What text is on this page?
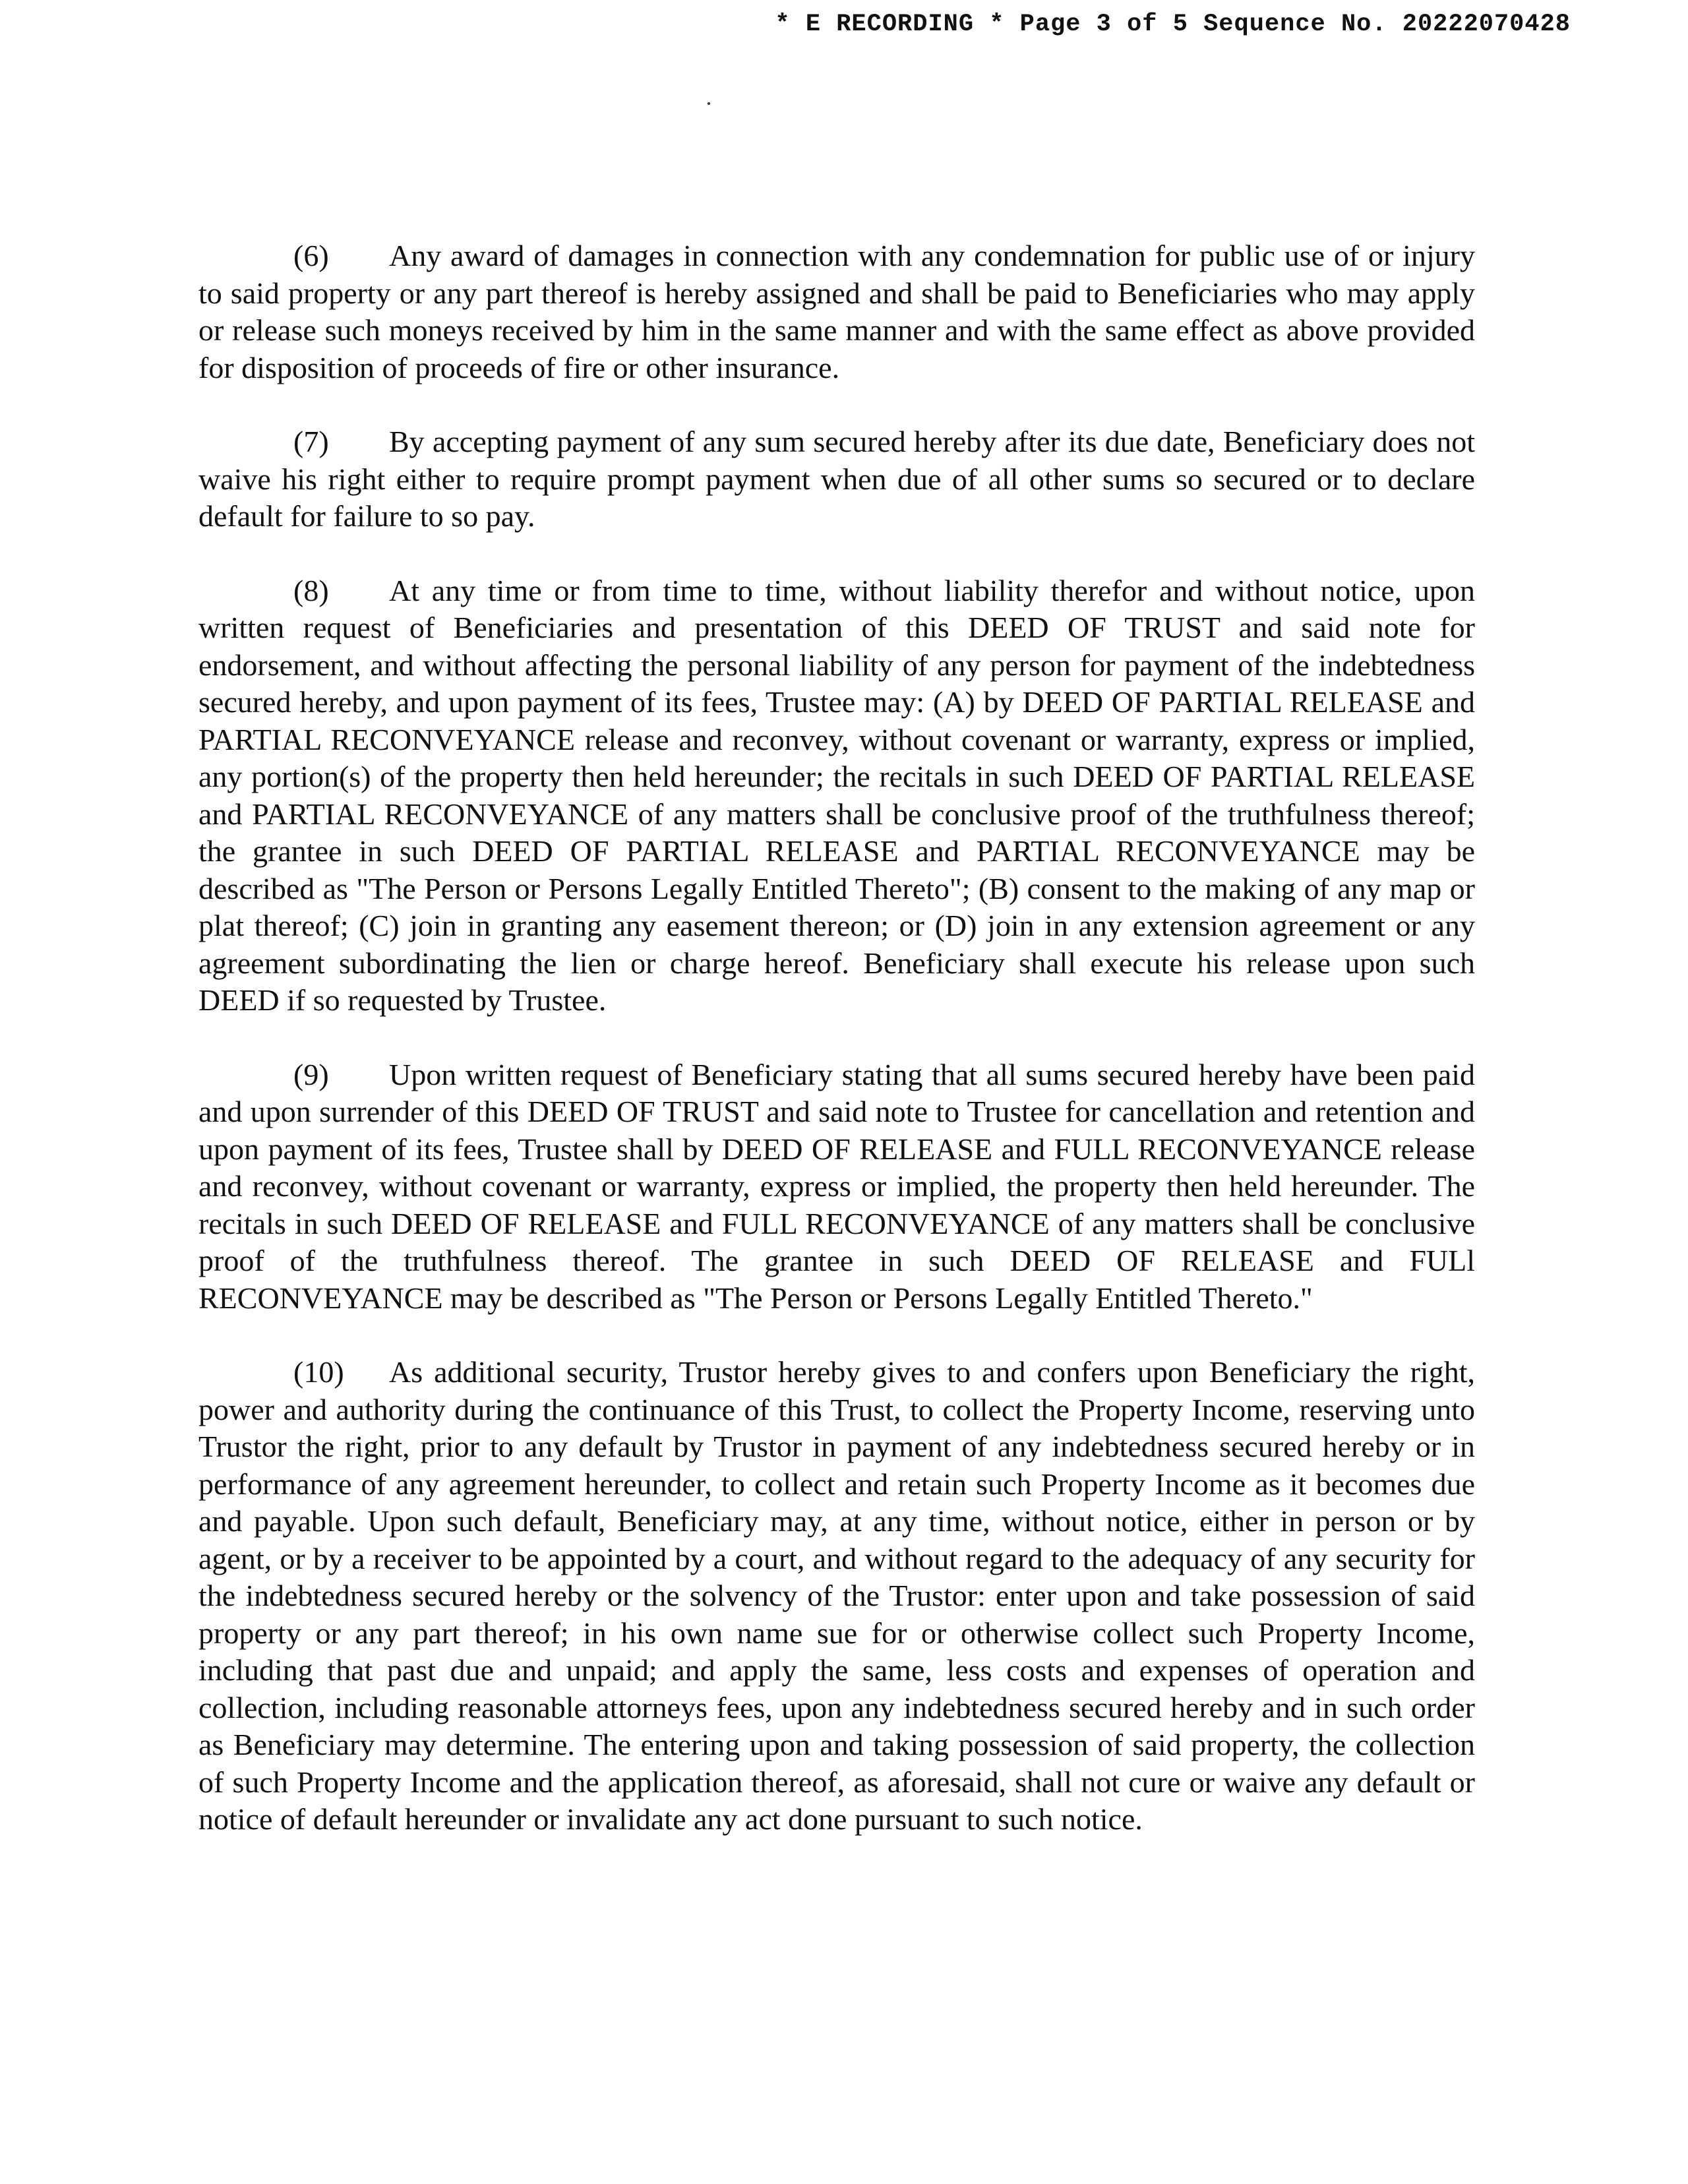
* E RECORDING * Page 3 of 5 Sequence No. 20222070428

(6) Any award of damages in connection with any condemnation for public use of or injury to said property or any part thereof is hereby assigned and shall be paid to Beneficiaries who may apply or release such moneys received by him in the same manner and with the same effect as above provided for disposition of proceeds of fire or other insurance.

(7) By accepting payment of any sum secured hereby after its due date, Beneficiary does not waive his right either to require prompt payment when due of all other sums so secured or to declare default for failure to so pay.

(8) At any time or from time to time, without liability therefor and without notice, upon written request of Beneficiaries and presentation of this DEED OF TRUST and said note for endorsement, and without affecting the personal liability of any person for payment of the indebtedness secured hereby, and upon payment of its fees, Trustee may: (A) by DEED OF PARTIAL RELEASE and PARTIAL RECONVEYANCE release and reconvey, without covenant or warranty, express or implied, any portion(s) of the property then held hereunder; the recitals in such DEED OF PARTIAL RELEASE and PARTIAL RECONVEYANCE of any matters shall be conclusive proof of the truthfulness thereof; the grantee in such DEED OF PARTIAL RELEASE and PARTIAL RECONVEYANCE may be described as "The Person or Persons Legally Entitled Thereto"; (B) consent to the making of any map or plat thereof; (C) join in granting any easement thereon; or (D) join in any extension agreement or any agreement subordinating the lien or charge hereof. Beneficiary shall execute his release upon such DEED if so requested by Trustee.

(9) Upon written request of Beneficiary stating that all sums secured hereby have been paid and upon surrender of this DEED OF TRUST and said note to Trustee for cancellation and retention and upon payment of its fees, Trustee shall by DEED OF RELEASE and FULL RECONVEYANCE release and reconvey, without covenant or warranty, express or implied, the property then held hereunder. The recitals in such DEED OF RELEASE and FULL RECONVEYANCE of any matters shall be conclusive proof of the truthfulness thereof. The grantee in such DEED OF RELEASE and FULl RECONVEYANCE may be described as "The Person or Persons Legally Entitled Thereto."

(10) As additional security, Trustor hereby gives to and confers upon Beneficiary the right, power and authority during the continuance of this Trust, to collect the Property Income, reserving unto Trustor the right, prior to any default by Trustor in payment of any indebtedness secured hereby or in performance of any agreement hereunder, to collect and retain such Property Income as it becomes due and payable. Upon such default, Beneficiary may, at any time, without notice, either in person or by agent, or by a receiver to be appointed by a court, and without regard to the adequacy of any security for the indebtedness secured hereby or the solvency of the Trustor: enter upon and take possession of said property or any part thereof; in his own name sue for or otherwise collect such Property Income, including that past due and unpaid; and apply the same, less costs and expenses of operation and collection, including reasonable attorneys fees, upon any indebtedness secured hereby and in such order as Beneficiary may determine. The entering upon and taking possession of said property, the collection of such Property Income and the application thereof, as aforesaid, shall not cure or waive any default or notice of default hereunder or invalidate any act done pursuant to such notice.
